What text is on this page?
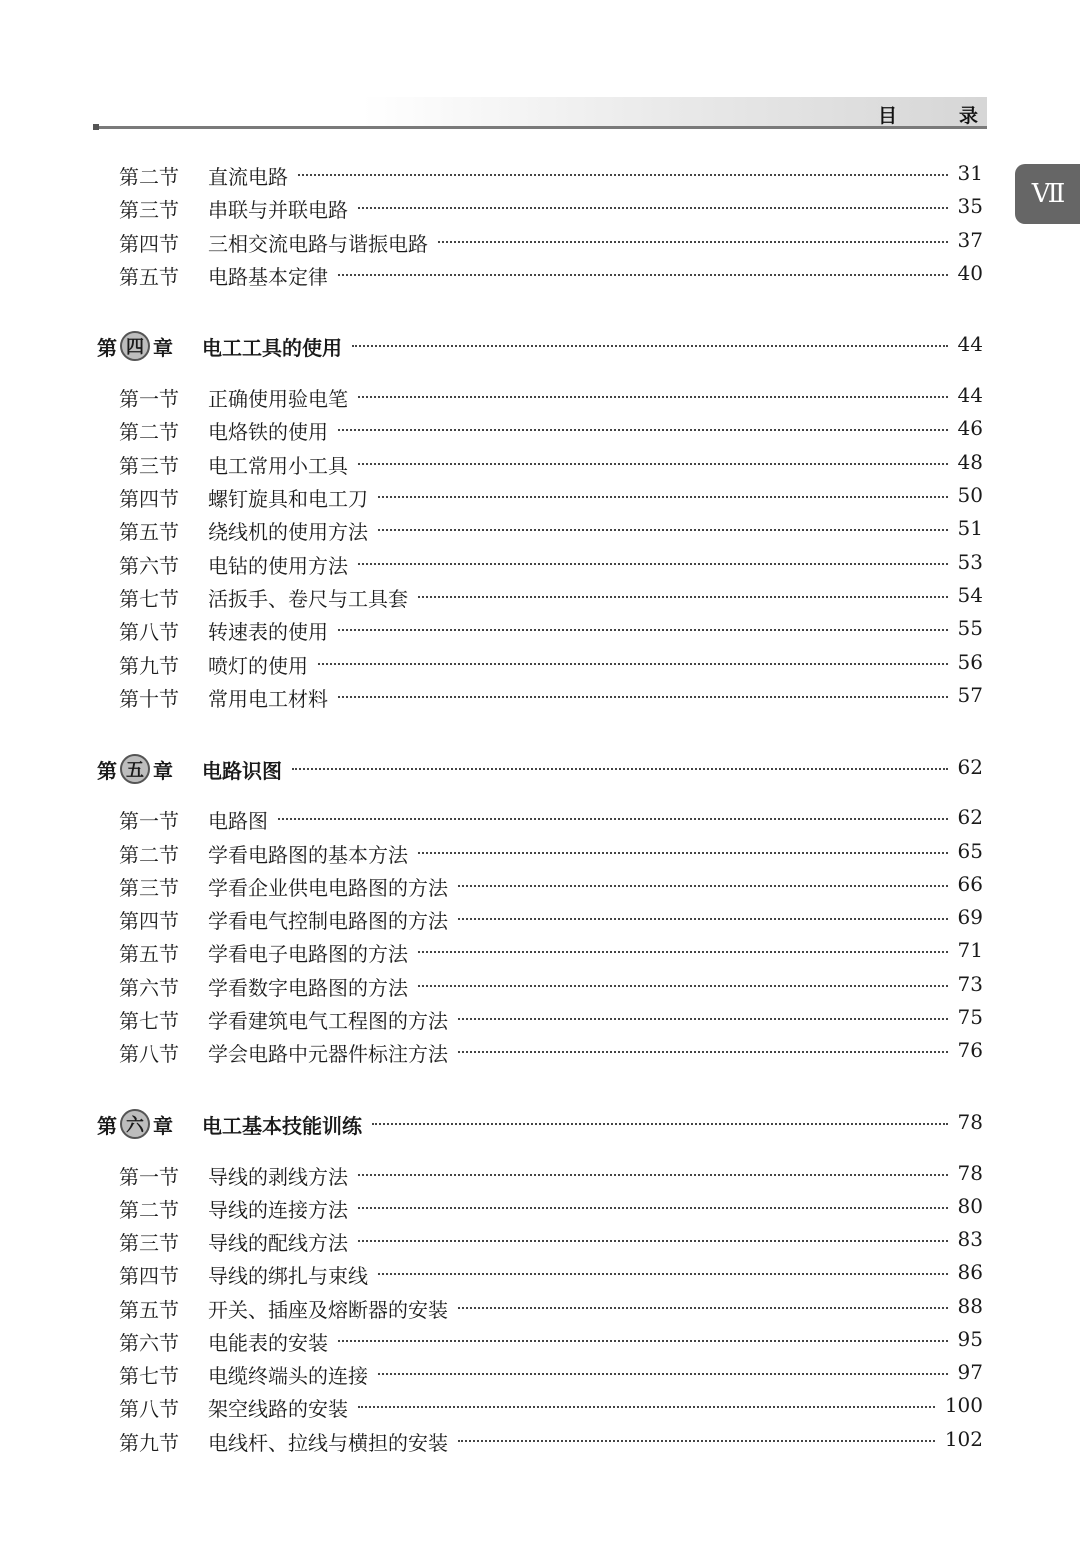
目	录
Ⅶ
第二节	直流电路	31
第三节	串联与并联电路	35
第四节	三相交流电路与谐振电路	37
第五节	电路基本定律	40
第 四 章 电工工具的使用	44
第一节	正确使用验电笔	44
第二节	电烙铁的使用	46
第三节	电工常用小工具	48
第四节	螺钉旋具和电工刀	50
第五节	绕线机的使用方法	51
第六节	电钻的使用方法	53
第七节	活扳手、卷尺与工具套	54
第八节	转速表的使用	55
第九节	喷灯的使用	56
第十节	常用电工材料	57
第 五 章 电路识图	62
第一节	电路图	62
第二节	学看电路图的基本方法	65
第三节	学看企业供电电路图的方法	66
第四节	学看电气控制电路图的方法	69
第五节	学看电子电路图的方法	71
第六节	学看数字电路图的方法	73
第七节	学看建筑电气工程图的方法	75
第八节	学会电路中元器件标注方法	76
第 六 章 电工基本技能训练	78
第一节	导线的剥线方法	78
第二节	导线的连接方法	80
第三节	导线的配线方法	83
第四节	导线的绑扎与束线	86
第五节	开关、插座及熔断器的安装	88
第六节	电能表的安装	95
第七节	电缆终端头的连接	97
第八节	架空线路的安装	100
第九节	电线杆、拉线与横担的安装	102
